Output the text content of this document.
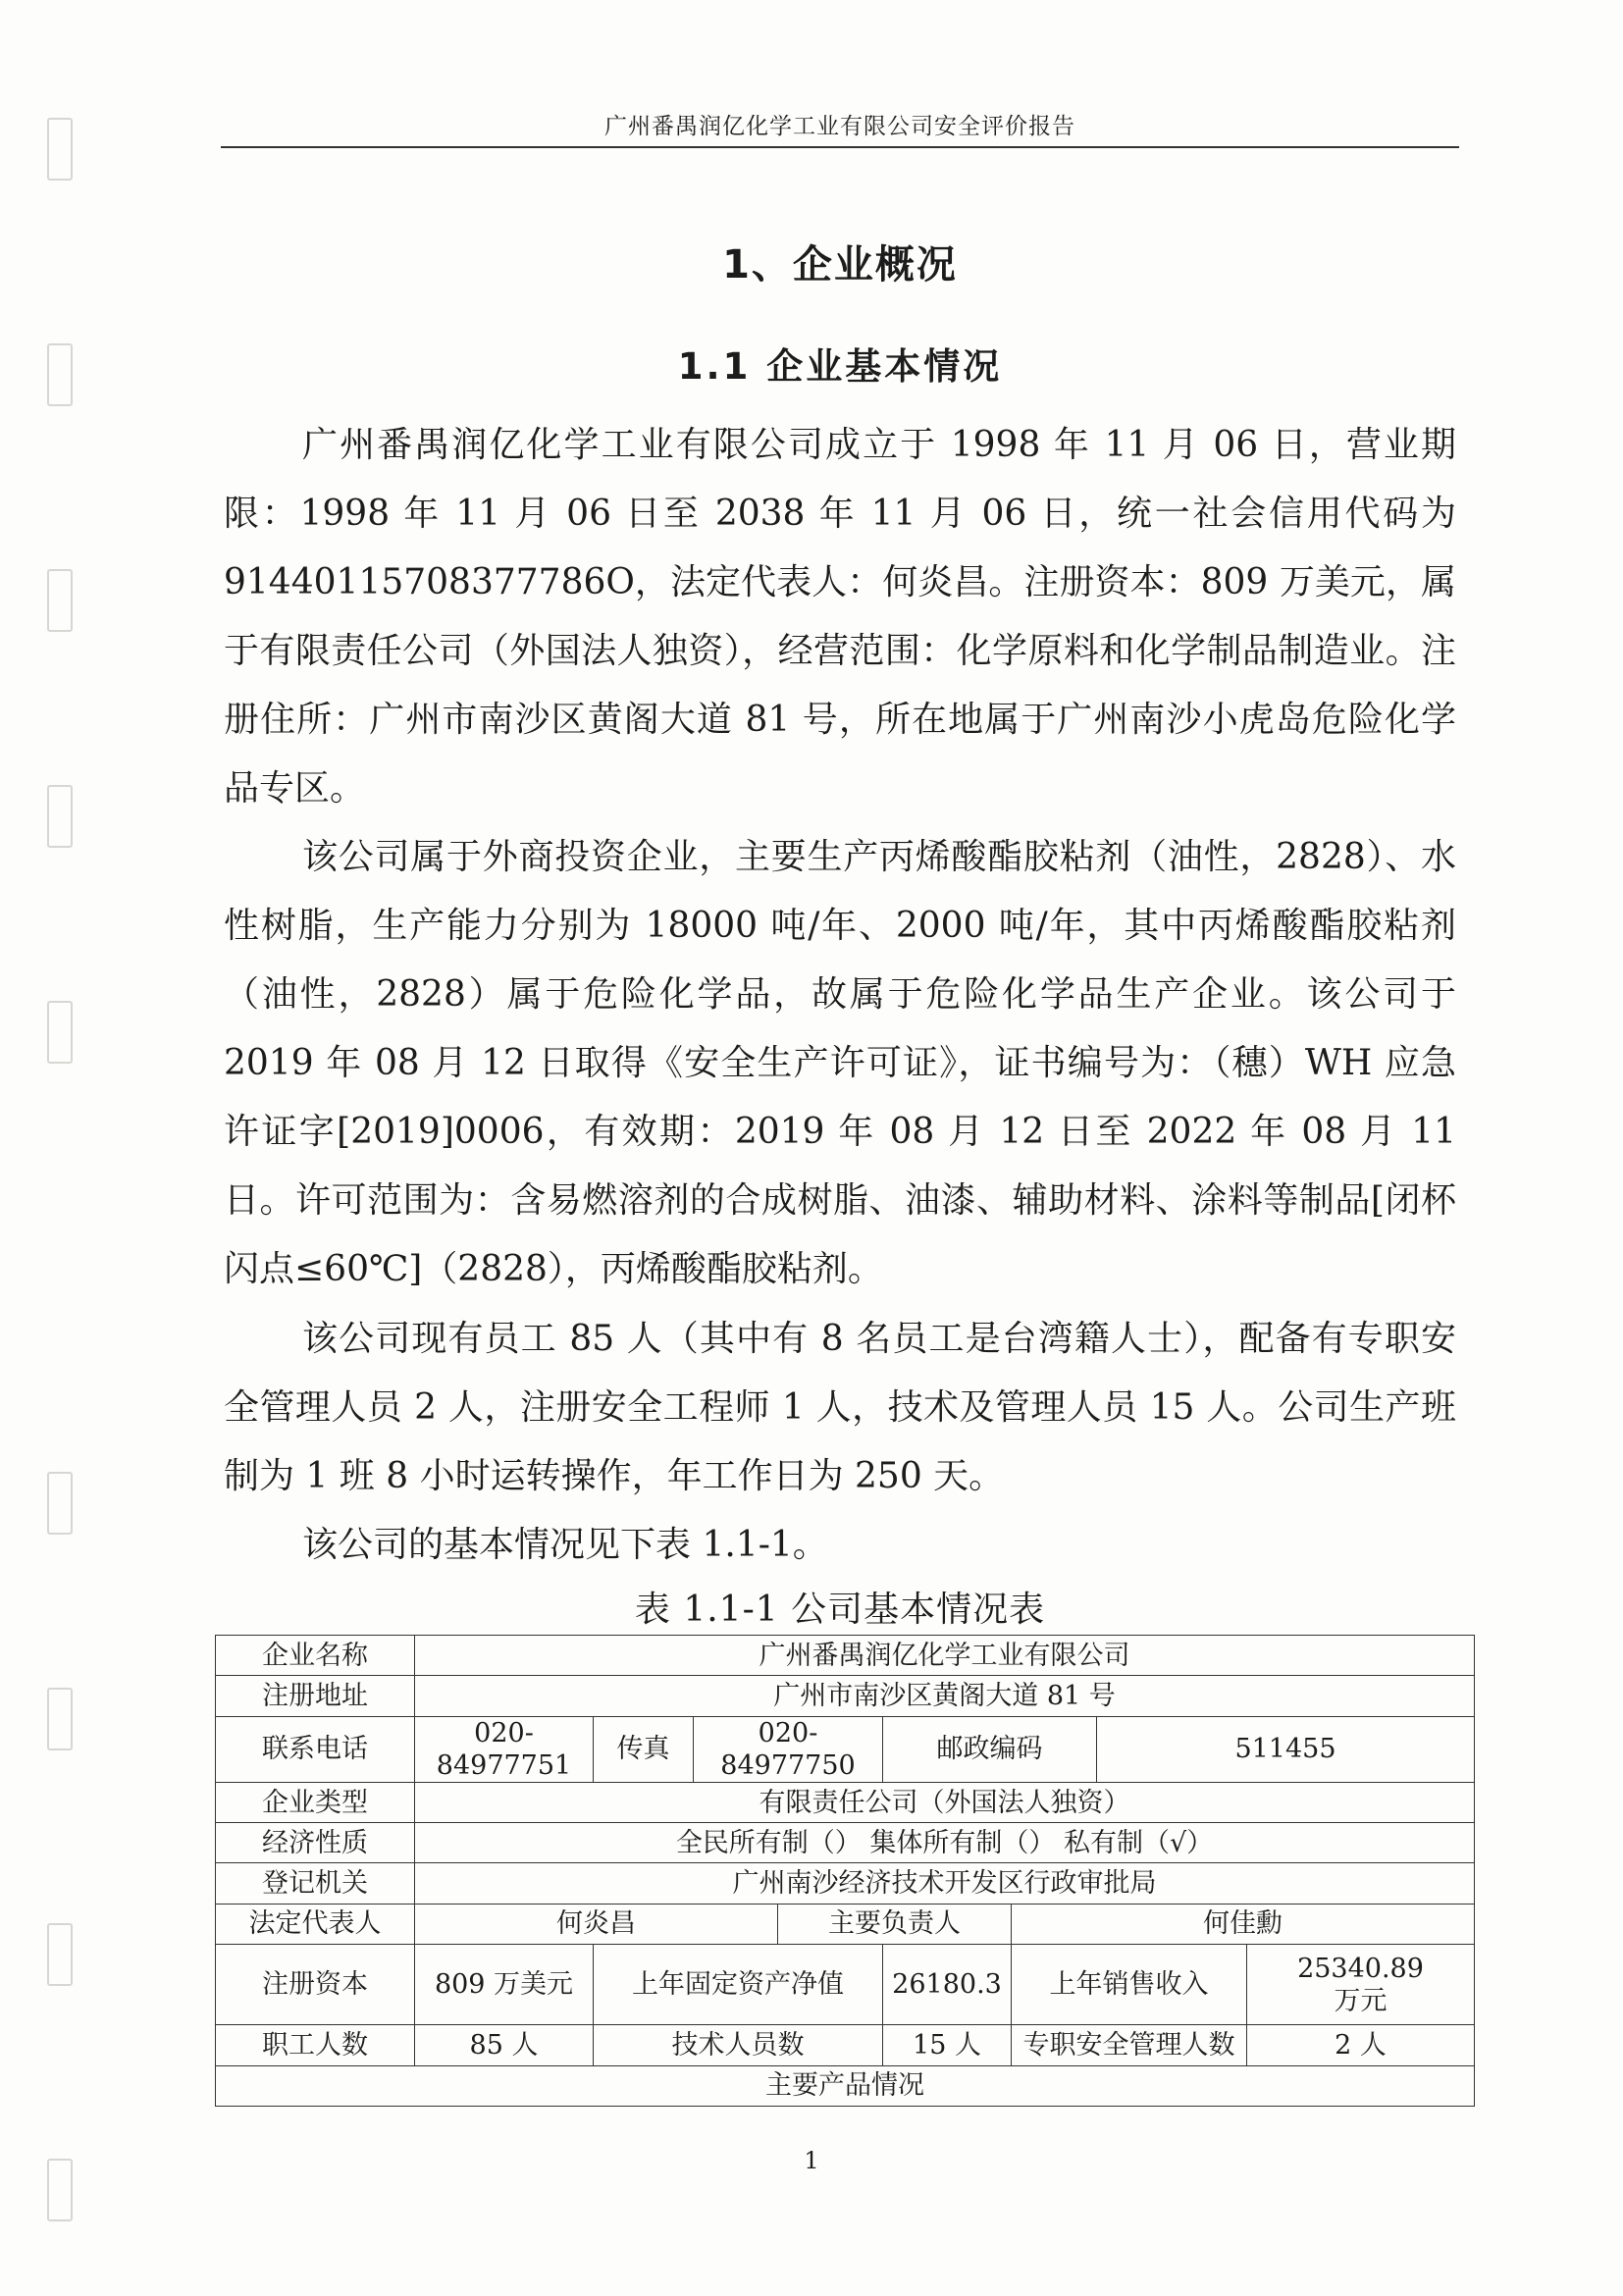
广州番禺润亿化学工业有限公司安全评价报告
1、企业概况
1.1 企业基本情况
广州番禺润亿化学工业有限公司成立于 1998 年 11 月 06 日，营业期限：1998 年 11 月 06 日至 2038 年 11 月 06 日，统一社会信用代码为 91440115708377786O，法定代表人：何炎昌。注册资本：809 万美元，属于有限责任公司（外国法人独资），经营范围：化学原料和化学制品制造业。注册住所：广州市南沙区黄阁大道 81 号，所在地属于广州南沙小虎岛危险化学品专区。
该公司属于外商投资企业，主要生产丙烯酸酯胶粘剂（油性，2828）、水性树脂，生产能力分别为 18000 吨/年、2000 吨/年，其中丙烯酸酯胶粘剂（油性，2828）属于危险化学品，故属于危险化学品生产企业。该公司于 2019 年 08 月 12 日取得《安全生产许可证》，证书编号为：（穗）WH 应急许证字[2019]0006，有效期：2019 年 08 月 12 日至 2022 年 08 月 11 日。许可范围为：含易燃溶剂的合成树脂、油漆、辅助材料、涂料等制品[闭杯闪点≤60℃]（2828），丙烯酸酯胶粘剂。
该公司现有员工 85 人（其中有 8 名员工是台湾籍人士），配备有专职安全管理人员 2 人，注册安全工程师 1 人，技术及管理人员 15 人。公司生产班制为 1 班 8 小时运转操作，年工作日为 250 天。
该公司的基本情况见下表 1.1-1。
表 1.1-1 公司基本情况表
企业名称	广州番禺润亿化学工业有限公司							
注册地址	广州市南沙区黄阁大道 81 号							
联系电话	020-84977751	传真	020-84977750		邮政编码		511455	
企业类型	有限责任公司（外国法人独资）							
经济性质	全民所有制（） 集体所有制（） 私有制（√）							
登记机关	广州南沙经济技术开发区行政审批局							
法定代表人	何炎昌			主要负责人		何佳勳		
注册资本	809 万美元	上年固定资产净值			26180.3	上年销售收入		25340.89
万元

职工人数	85 人	技术人员数			15 人	专职安全管理人数		2 人
主要产品情况								
1
